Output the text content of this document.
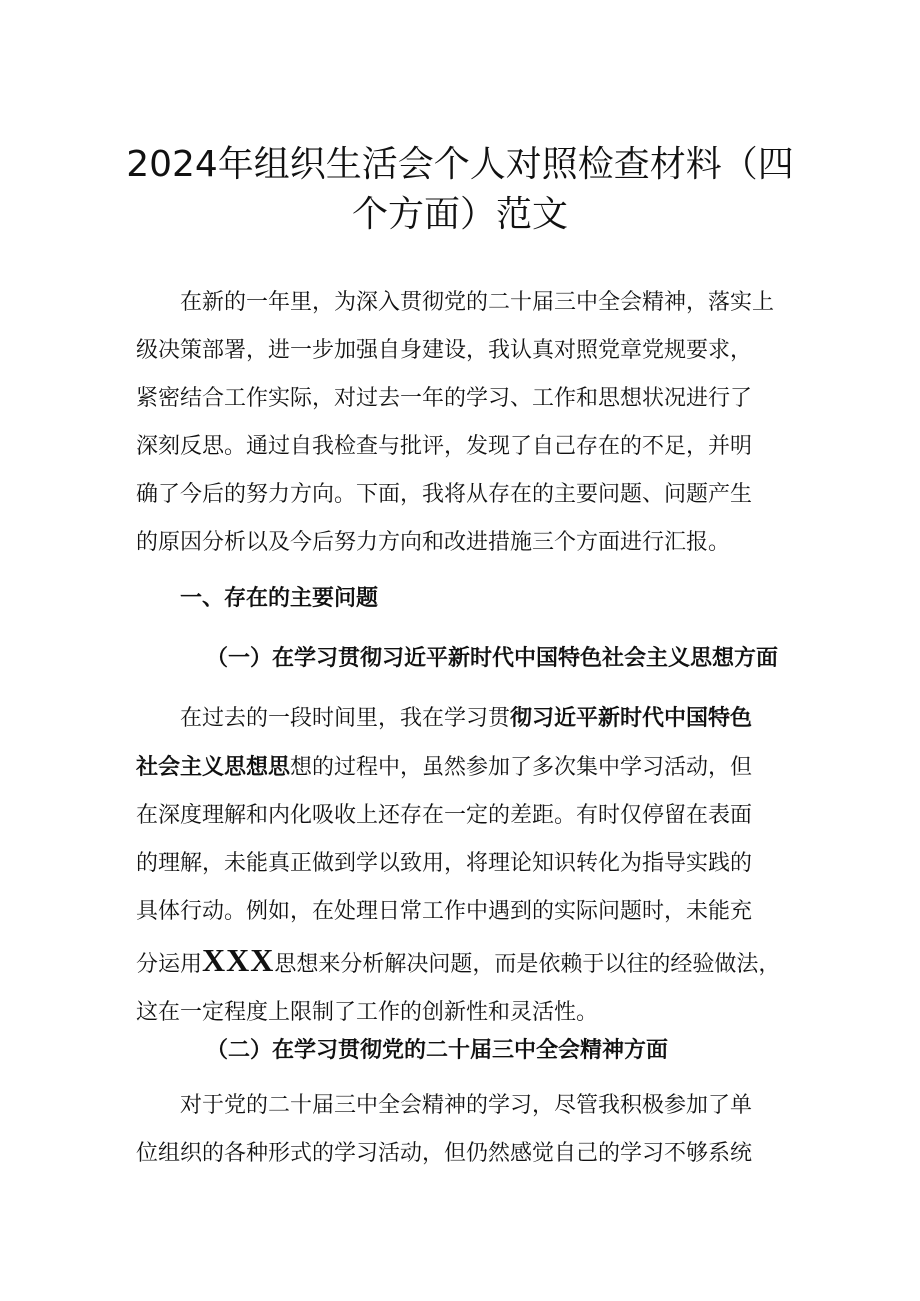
2024年组织生活会个人对照检查材料（四
个方面）范文
在新的一年里，为深入贯彻党的二十届三中全会精神，落实上
级决策部署，进一步加强自身建设，我认真对照党章党规要求，
紧密结合工作实际，对过去一年的学习、工作和思想状况进行了
深刻反思。通过自我检查与批评，发现了自己存在的不足，并明
确了今后的努力方向。下面，我将从存在的主要问题、问题产生
的原因分析以及今后努力方向和改进措施三个方面进行汇报。
一、存在的主要问题
（一）在学习贯彻习近平新时代中国特色社会主义思想方面
在过去的一段时间里，我在学习贯彻习近平新时代中国特色
社会主义思想思想的过程中，虽然参加了多次集中学习活动，但
在深度理解和内化吸收上还存在一定的差距。有时仅停留在表面
的理解，未能真正做到学以致用，将理论知识转化为指导实践的
具体行动。例如，在处理日常工作中遇到的实际问题时，未能充
分运用XXX思想来分析解决问题，而是依赖于以往的经验做法，
这在一定程度上限制了工作的创新性和灵活性。
（二）在学习贯彻党的二十届三中全会精神方面
对于党的二十届三中全会精神的学习，尽管我积极参加了单
位组织的各种形式的学习活动，但仍然感觉自己的学习不够系统
